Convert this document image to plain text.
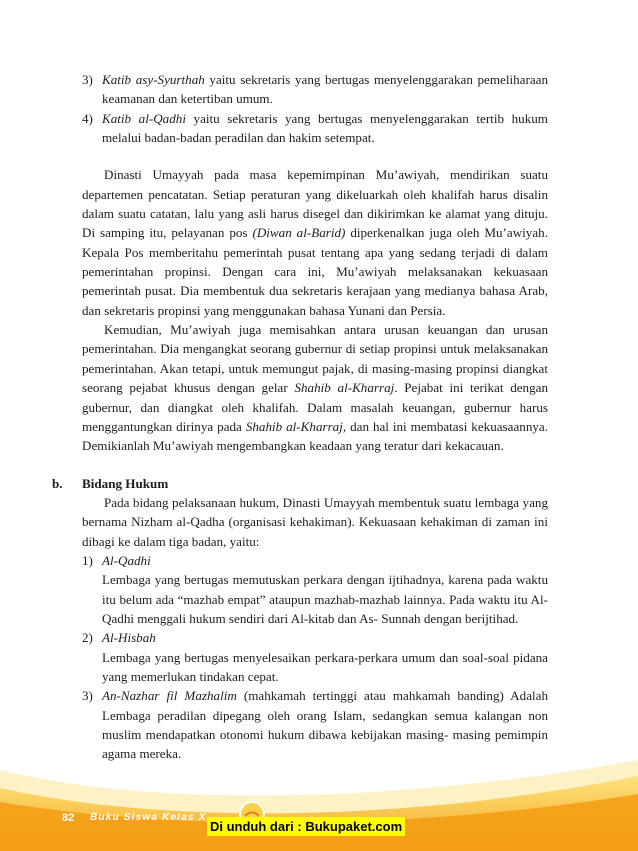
3) Katib asy-Syurthah yaitu sekretaris yang bertugas menyelenggarakan pemeliharaan keamanan dan ketertiban umum.

4) Katib al-Qadhi yaitu sekretaris yang bertugas menyelenggarakan tertib hukum melalui badan-badan peradilan dan hakim setempat.

Dinasti Umayyah pada masa kepemimpinan Mu’awiyah, mendirikan suatu departemen pencatatan. Setiap peraturan yang dikeluarkah oleh khalifah harus disalin dalam suatu catatan, lalu yang asli harus disegel dan dikirimkan ke alamat yang dituju. Di samping itu, pelayanan pos (Diwan al-Barid) diperkenalkan juga oleh Mu’awiyah. Kepala Pos memberitahu pemerintah pusat tentang apa yang sedang terjadi di dalam pemerintahan propinsi. Dengan cara ini, Mu’awiyah melaksanakan kekuasaan pemerintah pusat. Dia membentuk dua sekretaris kerajaan yang medianya bahasa Arab, dan sekretaris propinsi yang menggunakan bahasa Yunani dan Persia.

Kemudian, Mu’awiyah juga memisahkan antara urusan keuangan dan urusan pemerintahan. Dia mengangkat seorang gubernur di setiap propinsi untuk melaksanakan pemerintahan. Akan tetapi, untuk memungut pajak, di masing-masing propinsi diangkat seorang pejabat khusus dengan gelar Shahib al-Kharraj. Pejabat ini terikat dengan gubernur, dan diangkat oleh khalifah. Dalam masalah keuangan, gubernur harus menggantungkan dirinya pada Shahib al-Kharraj, dan hal ini membatasi kekuasaannya. Demikianlah Mu’awiyah mengembangkan keadaan yang teratur dari kekacauan.

b. Bidang Hukum

Pada bidang pelaksanaan hukum, Dinasti Umayyah membentuk suatu lembaga yang bernama Nizham al-Qadha (organisasi kehakiman). Kekuasaan kehakiman di zaman ini dibagi ke dalam tiga badan, yaitu:

1) Al-Qadhi

Lembaga yang bertugas memutuskan perkara dengan ijtihadnya, karena pada waktu itu belum ada “mazhab empat” ataupun mazhab-mazhab lainnya. Pada waktu itu Al-Qadhi menggali hukum sendiri dari Al-kitab dan As- Sunnah dengan berijtihad.

2) Al-Hisbah

Lembaga yang bertugas menyelesaikan perkara-perkara umum dan soal-soal pidana yang memerlukan tindakan cepat.

3) An-Nazhar fil Mazhalim (mahkamah tertinggi atau mahkamah banding) Adalah Lembaga peradilan dipegang oleh orang Islam, sedangkan semua kalangan non muslim mendapatkan otonomi hukum dibawa kebijakan masing- masing pemimpin agama mereka.

82 Buku Siswa Kelas X
Di unduh dari : Bukupaket.com
